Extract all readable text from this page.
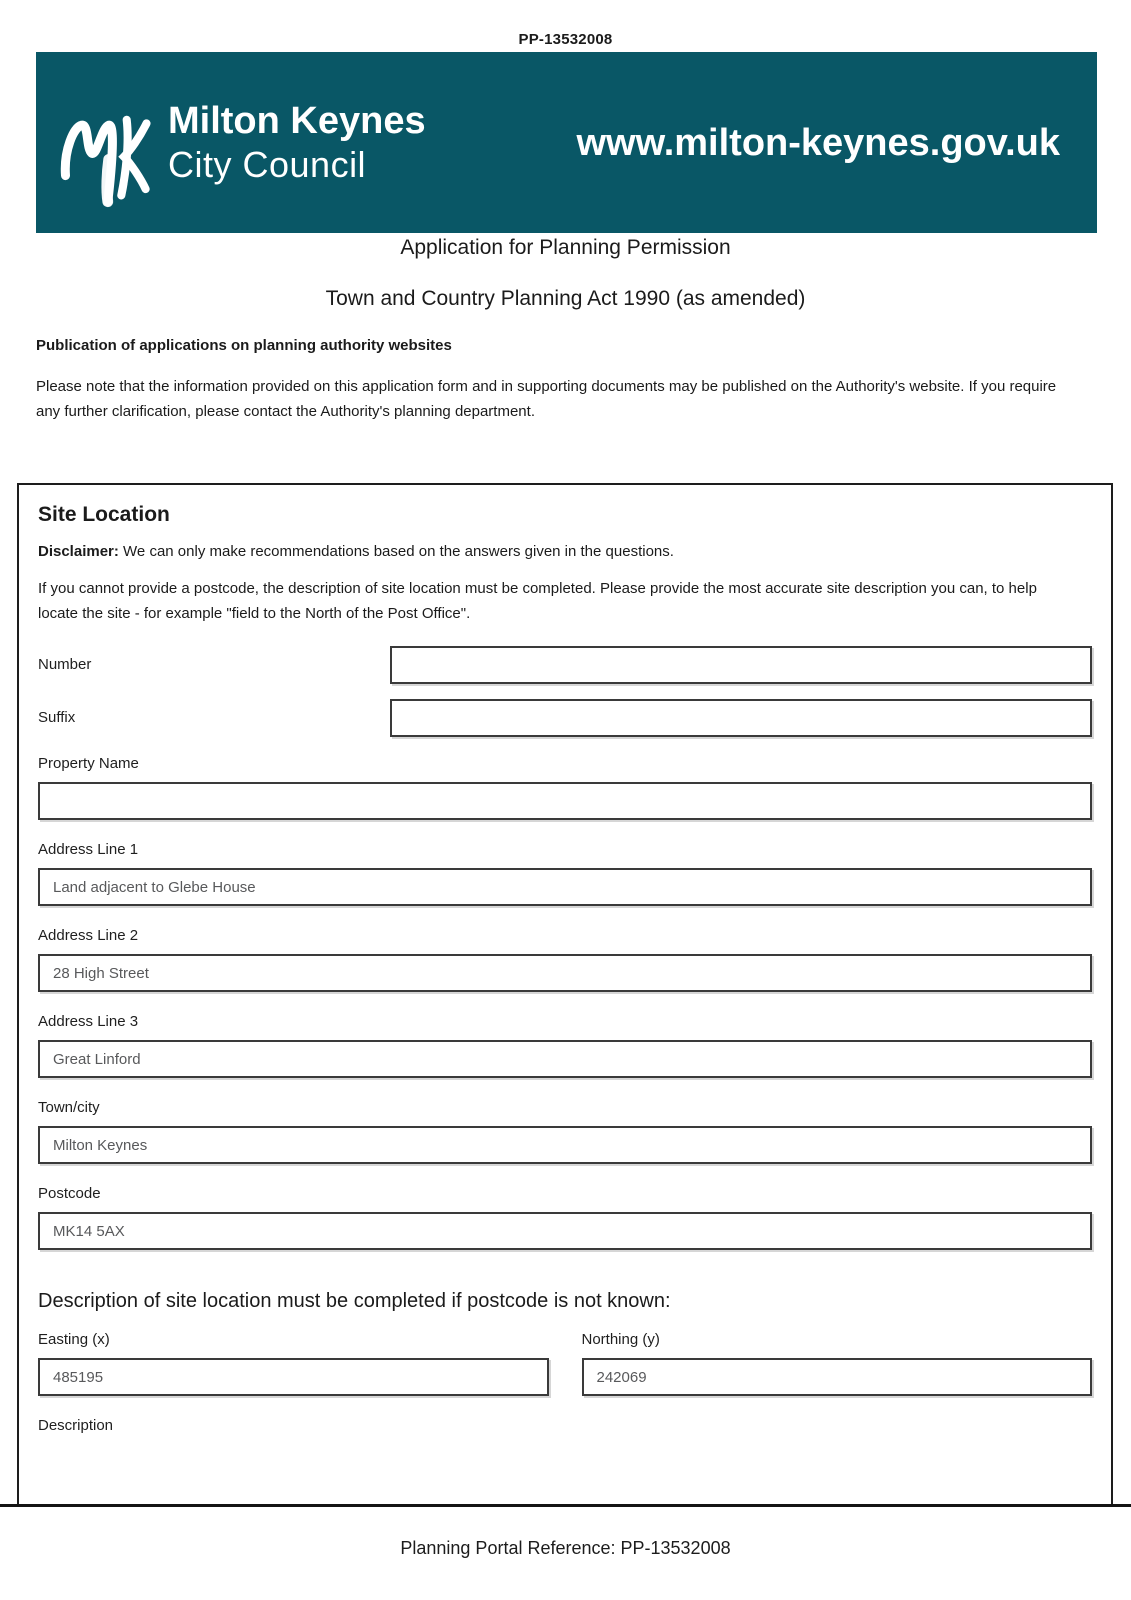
PP-13532008
Milton Keynes
City Council	www.milton-keynes.gov.uk
Application for Planning Permission
Town and Country Planning Act 1990 (as amended)
Publication of applications on planning authority websites
Please note that the information provided on this application form and in supporting documents may be published on the Authority's website. If you require any further clarification, please contact the Authority's planning department.
Site Location

Disclaimer: We can only make recommendations based on the answers given in the questions.

If you cannot provide a postcode, the description of site location must be completed. Please provide the most accurate site description you can, to help locate the site - for example "field to the North of the Post Office".

Number
Suffix
Property Name
Address Line 1
Land adjacent to Glebe House
Address Line 2
28 High Street
Address Line 3
Great Linford
Town/city
Milton Keynes
Postcode
MK14 5AX
Description of site location must be completed if postcode is not known:
Easting (x)
485195	Northing (y)
242069
Description
Planning Portal Reference: PP-13532008
